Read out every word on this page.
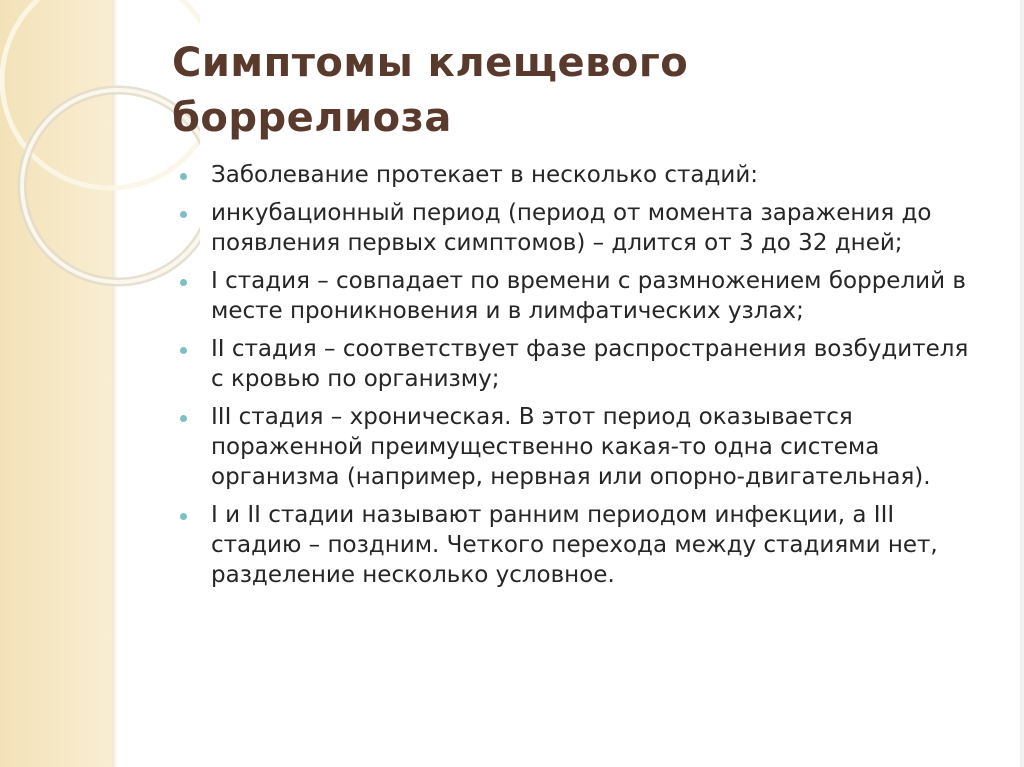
Симптомы клещевого боррелиоза
Заболевание протекает в несколько стадий:
инкубационный период (период от момента заражения до появления первых симптомов) – длится от 3 до 32 дней;
I стадия – совпадает по времени с размножением боррелий в месте проникновения и в лимфатических узлах;
II стадия – соответствует фазе распространения возбудителя с кровью по организму;
III стадия – хроническая. В этот период оказывается пораженной преимущественно какая-то одна система организма (например, нервная или опорно-двигательная).
I и II стадии называют ранним периодом инфекции, а III стадию – поздним. Четкого перехода между стадиями нет, разделение несколько условное.
